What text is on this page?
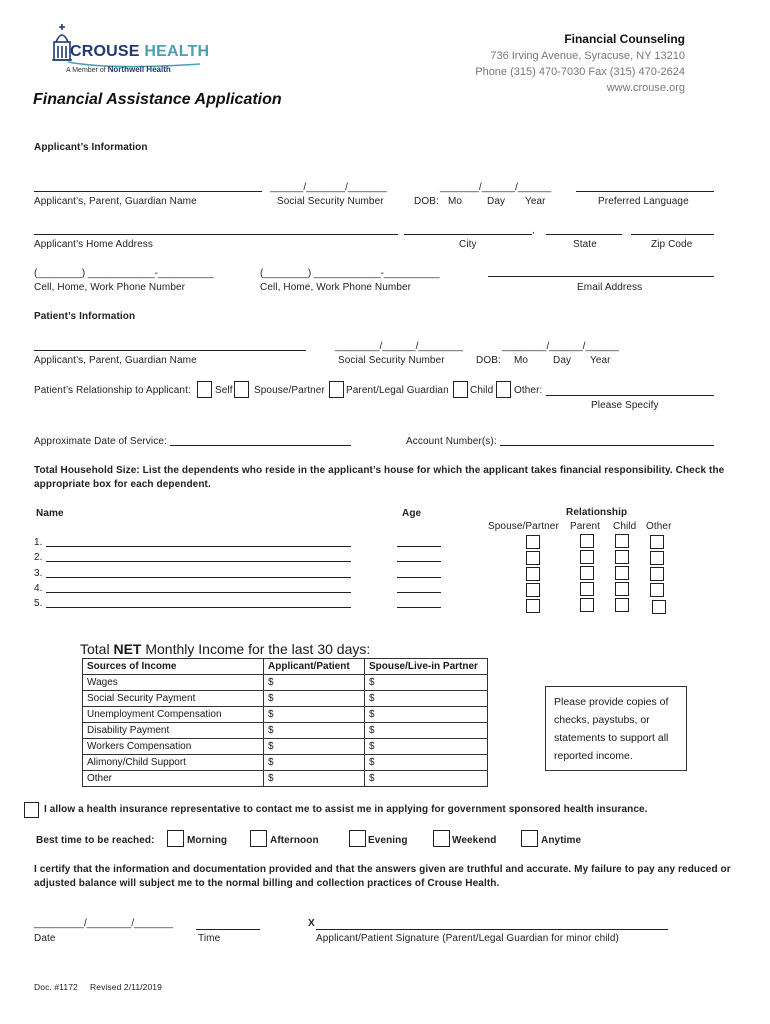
CROUSE HEALTH
A Member of Northwell Health
Financial Counseling
736 Irving Avenue, Syracuse, NY 13210
Phone (315) 470-7030 Fax (315) 470-2624
www.crouse.org
Financial Assistance Application
Applicant’s Information
Applicant’s, Parent, Guardian Name
______/_______/_______
Social Security Number
_______/______/______
DOB: Mo Day Year	Preferred Language
Applicant’s Home Address
,
City	State	Zip Code
(________) ____________-__________
Cell, Home, Work Phone Number
(________) ____________-__________
Cell, Home, Work Phone Number	Email Address
Patient’s Information
Applicant’s, Parent, Guardian Name
________/______/________
Social Security Number
________/______/______
DOB: Mo Day Year
Patient’s Relationship to Applicant: Self Spouse/Partner Parent/Legal Guardian Child Other:
Please Specify
Approximate Date of Service:	Account Number(s):
Total Household Size: List the dependents who reside in the applicant’s house for which the applicant takes financial responsibility. Check the
appropriate box for each dependent.
Name	Age	Relationship
Spouse/Partner Parent Child Other
1.
2.
3.
4.
5.
Total NET Monthly Income for the last 30 days:
Sources of Income	Applicant/Patient	Spouse/Live-in Partner
Wages	$	$
Social Security Payment	$	$
Unemployment Compensation	$	$
Disability Payment	$	$
Workers Compensation	$	$
Alimony/Child Support	$	$
Other	$	$
Please provide copies of checks, paystubs, or statements to support all reported income.
I allow a health insurance representative to contact me to assist me in applying for government sponsored health insurance.
Best time to be reached:	Morning	Afternoon	Evening	Weekend	Anytime
I certify that the information and documentation provided and that the answers given are truthful and accurate. My failure to pay any reduced or
adjusted balance will subject me to the normal billing and collection practices of Crouse Health.
_________/________/_______
Date	Time
X
Applicant/Patient Signature (Parent/Legal Guardian for minor child)
Doc. #1172 Revised 2/11/2019
